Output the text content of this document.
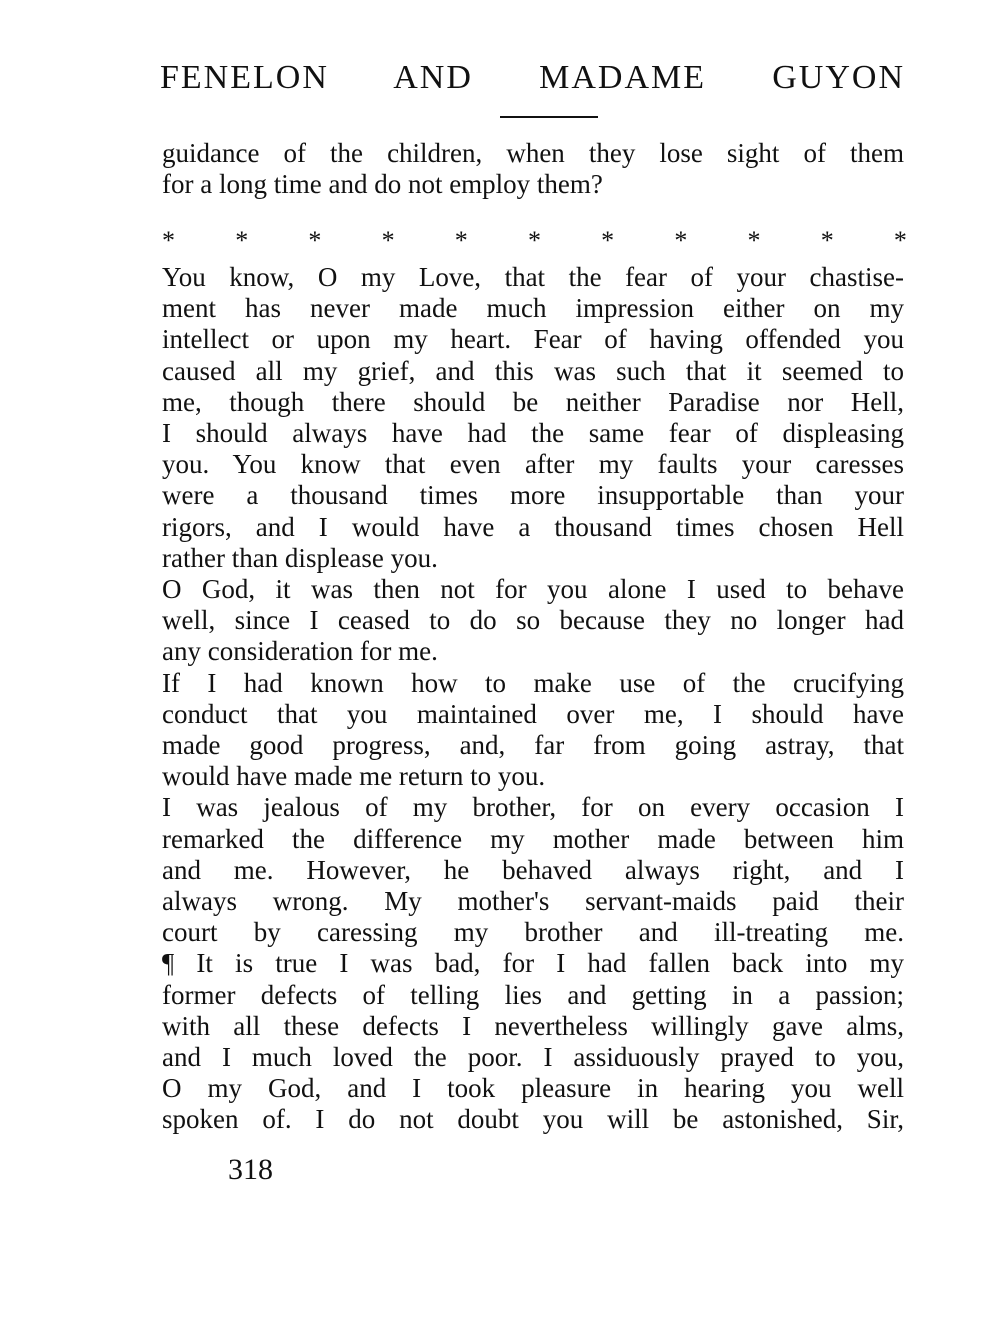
FENELON AND MADAME GUYON
guidance of the children, when they lose sight of them
for a long time and do not employ them?
* * * * * * * * * * *
You know, O my Love, that the fear of your chastise-
ment has never made much impression either on my
intellect or upon my heart. Fear of having offended you
caused all my grief, and this was such that it seemed to
me, though there should be neither Paradise nor Hell,
I should always have had the same fear of displeasing
you. You know that even after my faults your caresses
were a thousand times more insupportable than your
rigors, and I would have a thousand times chosen Hell
rather than displease you.
O God, it was then not for you alone I used to behave
well, since I ceased to do so because they no longer had
any consideration for me.
If I had known how to make use of the crucifying
conduct that you maintained over me, I should have
made good progress, and, far from going astray, that
would have made me return to you.
I was jealous of my brother, for on every occasion I
remarked the difference my mother made between him
and me. However, he behaved always right, and I
always wrong. My mother's servant-maids paid their
court by caressing my brother and ill-treating me.
¶ It is true I was bad, for I had fallen back into my
former defects of telling lies and getting in a passion;
with all these defects I nevertheless willingly gave alms,
and I much loved the poor. I assiduously prayed to you,
O my God, and I took pleasure in hearing you well
spoken of. I do not doubt you will be astonished, Sir,
318
